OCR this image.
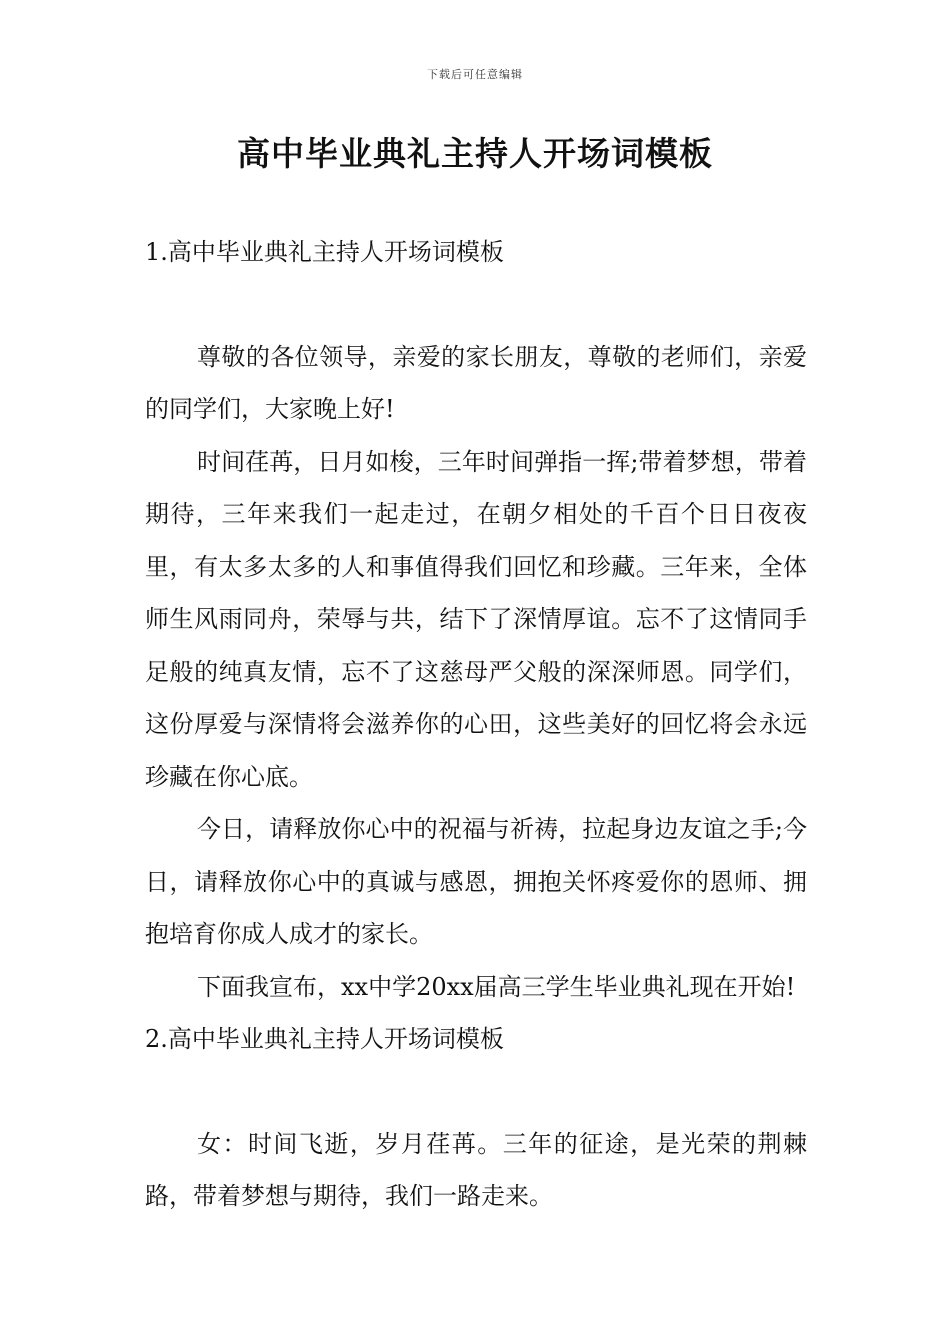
下载后可任意编辑
高中毕业典礼主持人开场词模板

1.高中毕业典礼主持人开场词模板

尊敬的各位领导，亲爱的家长朋友，尊敬的老师们，亲爱的同学们，大家晚上好!

时间荏苒，日月如梭，三年时间弹指一挥;带着梦想，带着期待，三年来我们一起走过，在朝夕相处的千百个日日夜夜里，有太多太多的人和事值得我们回忆和珍藏。三年来，全体师生风雨同舟，荣辱与共，结下了深情厚谊。忘不了这情同手足般的纯真友情，忘不了这慈母严父般的深深师恩。同学们，这份厚爱与深情将会滋养你的心田，这些美好的回忆将会永远珍藏在你心底。

今日，请释放你心中的祝福与祈祷，拉起身边友谊之手;今日，请释放你心中的真诚与感恩，拥抱关怀疼爱你的恩师、拥抱培育你成人成才的家长。

下面我宣布，xx中学20xx届高三学生毕业典礼现在开始!

2.高中毕业典礼主持人开场词模板

女：时间飞逝，岁月荏苒。三年的征途，是光荣的荆棘路，带着梦想与期待，我们一路走来。
